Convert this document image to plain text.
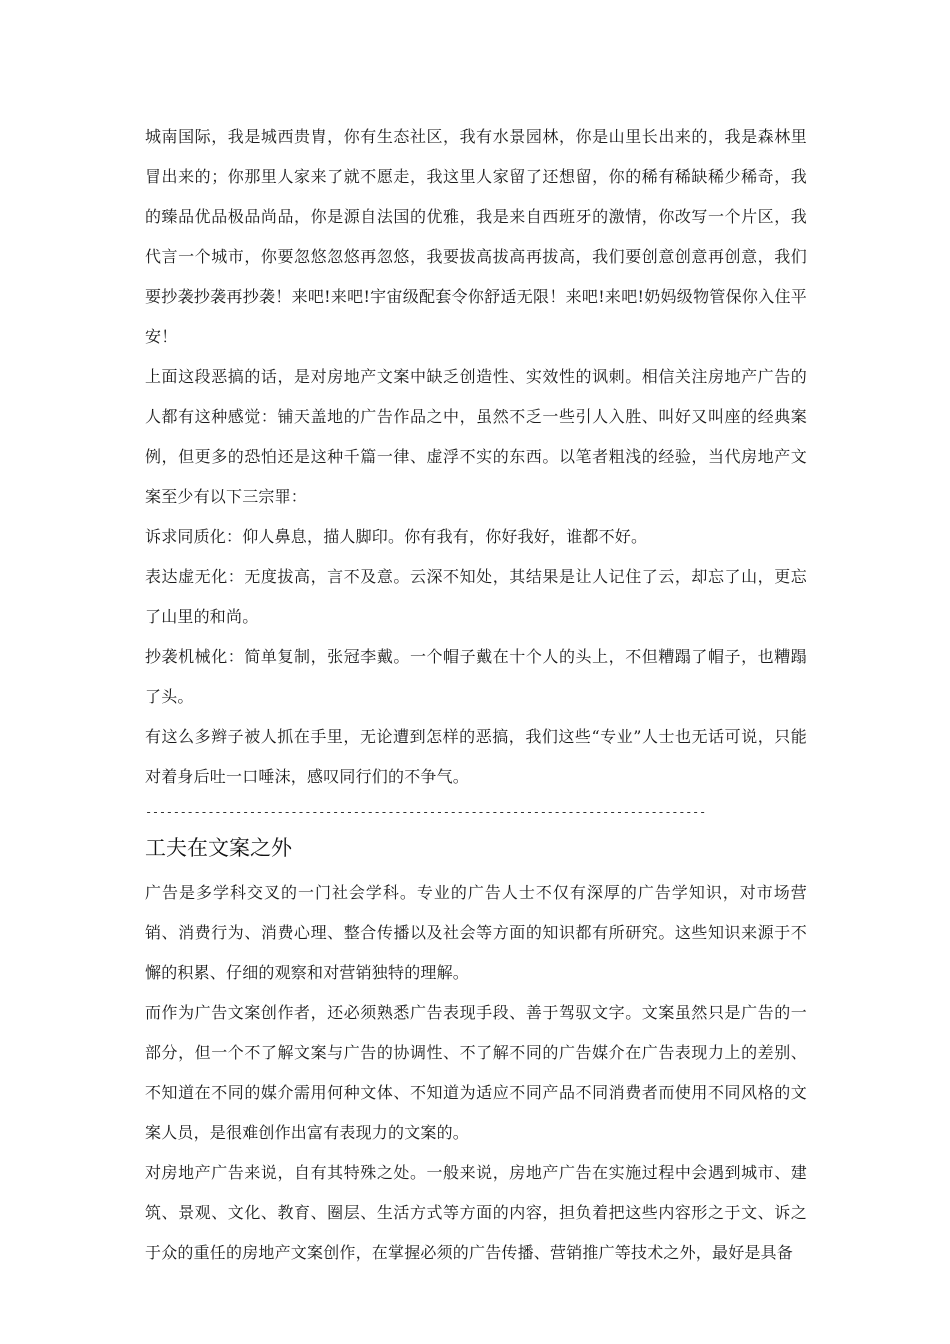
城南国际，我是城西贵胄，你有生态社区，我有水景园林，你是山里长出来的，我是森林里冒出来的；你那里人家来了就不愿走，我这里人家留了还想留，你的稀有稀缺稀少稀奇，我的臻品优品极品尚品，你是源自法国的优雅，我是来自西班牙的激情，你改写一个片区，我代言一个城市，你要忽悠忽悠再忽悠，我要拔高拔高再拔高，我们要创意创意再创意，我们要抄袭抄袭再抄袭！来吧!来吧!宇宙级配套令你舒适无限！来吧!来吧!奶妈级物管保你入住平安！

上面这段恶搞的话，是对房地产文案中缺乏创造性、实效性的讽刺。相信关注房地产广告的人都有这种感觉：铺天盖地的广告作品之中，虽然不乏一些引人入胜、叫好又叫座的经典案例，但更多的恐怕还是这种千篇一律、虚浮不实的东西。以笔者粗浅的经验，当代房地产文案至少有以下三宗罪：

诉求同质化：仰人鼻息，描人脚印。你有我有，你好我好，谁都不好。

表达虚无化：无度拔高，言不及意。云深不知处，其结果是让人记住了云，却忘了山，更忘了山里的和尚。

抄袭机械化：简单复制，张冠李戴。一个帽子戴在十个人的头上，不但糟蹋了帽子，也糟蹋了头。

有这么多辫子被人抓在手里，无论遭到怎样的恶搞，我们这些“专业”人士也无话可说，只能对着身后吐一口唾沫，感叹同行们的不争气。

---------------------------------------------------------------------------------
工夫在文案之外

广告是多学科交叉的一门社会学科。专业的广告人士不仅有深厚的广告学知识，对市场营销、消费行为、消费心理、整合传播以及社会等方面的知识都有所研究。这些知识来源于不懈的积累、仔细的观察和对营销独特的理解。

而作为广告文案创作者，还必须熟悉广告表现手段、善于驾驭文字。文案虽然只是广告的一部分，但一个不了解文案与广告的协调性、不了解不同的广告媒介在广告表现力上的差别、不知道在不同的媒介需用何种文体、不知道为适应不同产品不同消费者而使用不同风格的文案人员，是很难创作出富有表现力的文案的。

对房地产广告来说，自有其特殊之处。一般来说，房地产广告在实施过程中会遇到城市、建筑、景观、文化、教育、圈层、生活方式等方面的内容，担负着把这些内容形之于文、诉之于众的重任的房地产文案创作，在掌握必须的广告传播、营销推广等技术之外，最好是具备
